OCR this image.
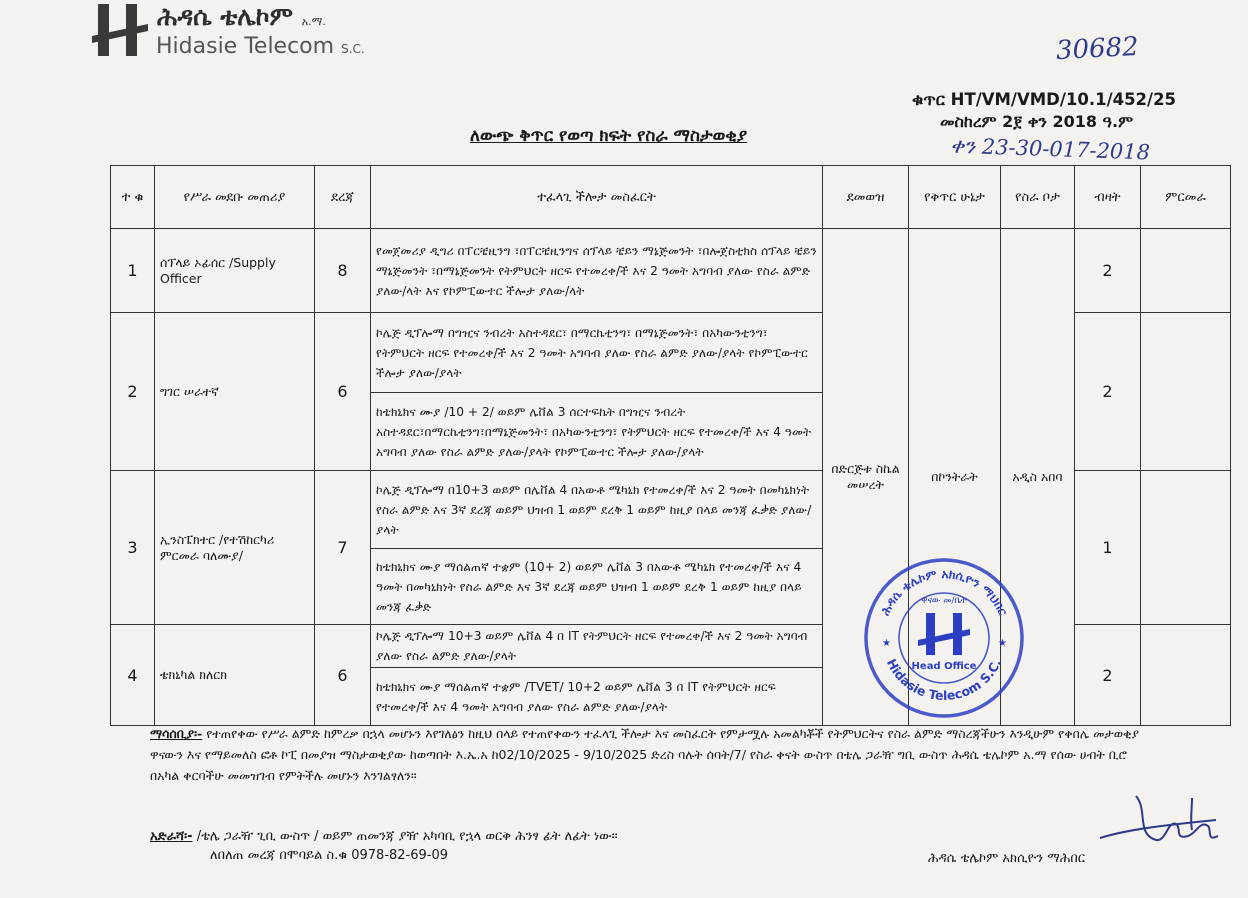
ሕዳሴ ቴሌኮም አ.ማ.
Hidasie Telecom S.C.	30682
ቁጥር HT/VM/VMD/10.1/452/25
መስከረም 2፻ ቀን 2018 ዓ.ም
ቀን 23-30-017-2018
ለውጭ ቅጥር የወጣ ክፍት የስራ ማስታወቂያ
ተ ቁ	የሥራ መደቡ መጠሪያ	ደረጃ	ተፈላጊ ችሎታ መስፈርት	ደመወዝ	የቅጥር ሁኔታ	የስራ ቦታ	ብዛት	ምርመራ
1	ሰፕላይ ኦፊሰር /Supply Officer	8	የመጀመሪያ ዲግሪ በፐርቼዚንግ ፣በፐርቼዚንግና ሰፕላይ ቼይን ማኔጅመንት ፣በሎጀስቲክስ ሰፕላይ ቼይን ማኔጅመንት ፣በማኔጅመንት የትምህርት ዘርፍ የተመረቀ/ች እና 2 ዓመት አግባብ ያለው የስራ ልምድ ያለው/ላት እና የኮምፒውተር ችሎታ ያለው/ላት	በድርጅቱ ስኬል መሠረት	በኮንትራት	አዲስ አበባ	2	
2	ግገር ሠራተኛ	6	ኮሌጅ ዲፕሎማ በግዢና ንብረት አስተዳደር፣ በማርኬቲንግ፣ በማኔጅመንት፣ በአካውንቲንግ፣ የትምህርት ዘርፍ የተመረቀ/ች እና 2 ዓመት አግባብ ያለው የስራ ልምድ ያለው/ያላት የኮምፒውተር ችሎታ ያለው/ያላት				2	
			ከቴክኒክና ሙያ /10 + 2/ ወይም ሌቨል 3 ሰርተፍኬት በግዢና ንብረት አስተዳደር፣በማርኬቲንግ፣በማኔጅመንት፣ በአካውንቲንግ፣ የትምህርት ዘርፍ የተመረቀ/ች እና 4 ዓመት አግባብ ያለው የስራ ልምድ ያለው/ያላት የኮምፒውተር ችሎታ ያለው/ያላት					
3	ኢንስፔክተር /የተሽከርካሪ ምርመራ ባለሙያ/	7	ኮሌጅ ዲፕሎማ በ10+3 ወይም በሌቨል 4 በአውቶ ሜካኒክ የተመረቀ/ች እና 2 ዓመት በመካኒክነት የስራ ልምድ እና 3ኛ ደረጃ ወይም ህዝብ 1 ወይም ደረቅ 1 ወይም ከዚያ በላይ መንጃ ፈቃድ ያለው/ያላት				1	
			ከቴክኒክና ሙያ ማሰልጠኛ ተቋም (10+ 2) ወይም ሌቨል 3 በአውቶ ሜካኒክ የተመረቀ/ች እና 4 ዓመት በመካኒክነት የስራ ልምድ እና 3ኛ ደረጃ ወይም ህዝብ 1 ወይም ደረቅ 1 ወይም ከዚያ በላይ መንጃ ፈቃድ					
4	ቴክኒካል ክለርክ	6	ኮሌጅ ዲፕሎማ 10+3 ወይም ሌቨል 4 በ IT የትምህርት ዘርፍ የተመረቀ/ች እና 2 ዓመት አግባብ ያለው የስራ ልምድ ያለው/ያላት				2	
			ከቴክኒክና ሙያ ማሰልጠኛ ተቋም /TVET/ 10+2 ወይም ሌቨል 3 በ IT የትምህርት ዘርፍ የተመረቀ/ች እና 4 ዓመት አግባብ ያለው የስራ ልምድ ያለው/ያላት					
ሕዳሴ ቴሌኮም አክሲዮን ማህበር
Hidasie Telecom S.C.
ዋናው መ/ቤት
Head Office
★	★
ማሳሰቢያ፡- የተጠየቀው የሥራ ልምድ ከምረቃ በኋላ መሆኑን እየገለፅን ከዚህ በላይ የተጠየቀውን ተፈላጊ ችሎታ እና መስፈርት የምታሟሉ አመልካቾች የትምህርትና የስራ ልምድ ማስረጃችሁን እንዲሁም የቀበሌ መታወቂያ ዋናውን እና የማይመለስ ፎቶ ኮፒ በመያዝ ማስታወቂያው ከወጣበት እ.ኤ.አ ከ02/10/2025 - 9/10/2025 ድረስ ባሉት ሰባት/7/ የስራ ቀናት ውስጥ በቴሌ ጋራዥ ግቢ ውስጥ ሕዳሴ ቴሌኮም አ.ማ የሰው ሀብት ቢሮ በአካል ቀርባችሁ መመዝገብ የምትችሉ መሆኑን እንገልፃለን፡፡
አድራሻ፡- /ቴሌ ጋራዥ ጊቢ ውስጥ / ወይም ጠመንጃ ያዥ አካባቢ የኋላ ወርቅ ሕንፃ ፊት ለፊት ነው፡፡
ለበለጠ መረጃ በሞባይል ስ.ቁ 0978-82-69-09	ሕዳሴ ቴሌኮም አክሲዮን ማሕበር
